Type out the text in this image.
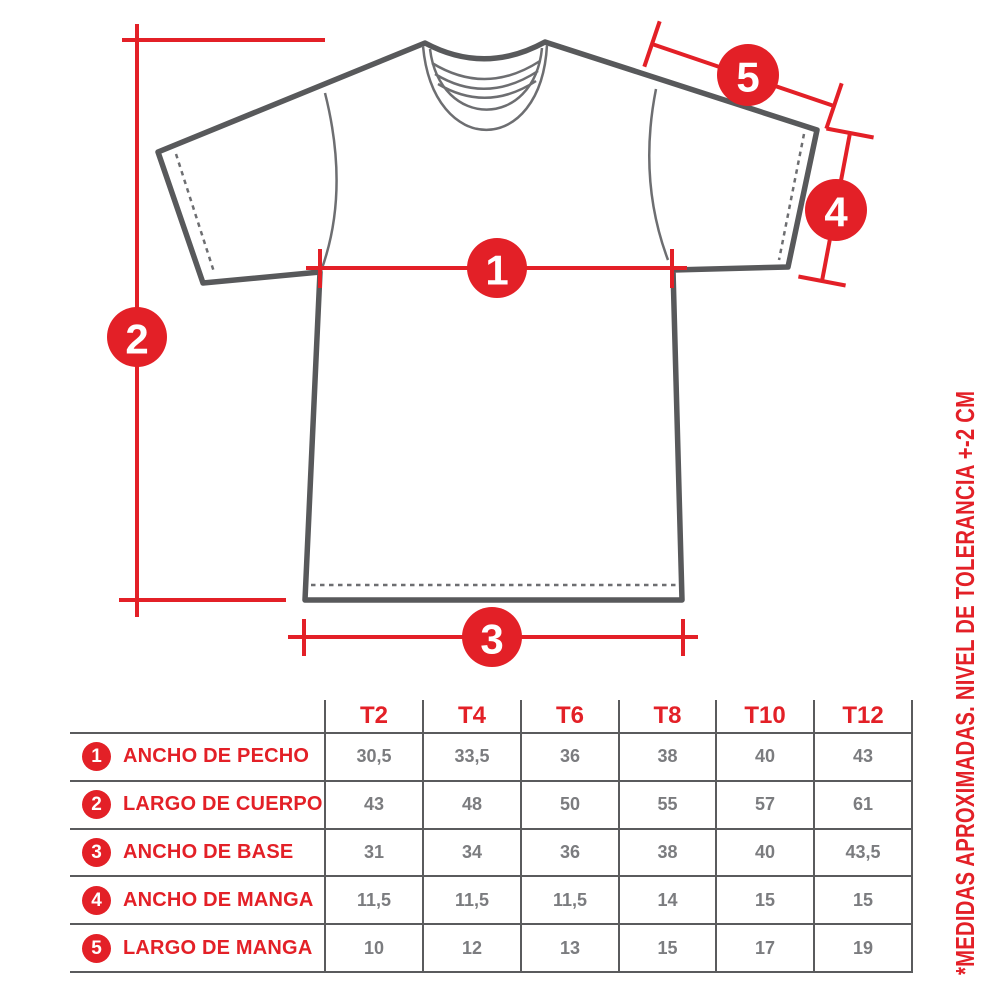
1
2
3
4
5
	T2	T4	T6	T8	T10	T12

1 ANCHO DE PECHO	30,5	33,5	36	38	40	43

2 LARGO DE CUERPO	43	48	50	55	57	61

3 ANCHO DE BASE	31	34	36	38	40	43,5

4 ANCHO DE MANGA	11,5	11,5	11,5	14	15	15

5 LARGO DE MANGA	10	12	13	15	17	19	*MEDIDAS APROXIMADAS. NIVEL DE TOLERANCIA +-2 CM
